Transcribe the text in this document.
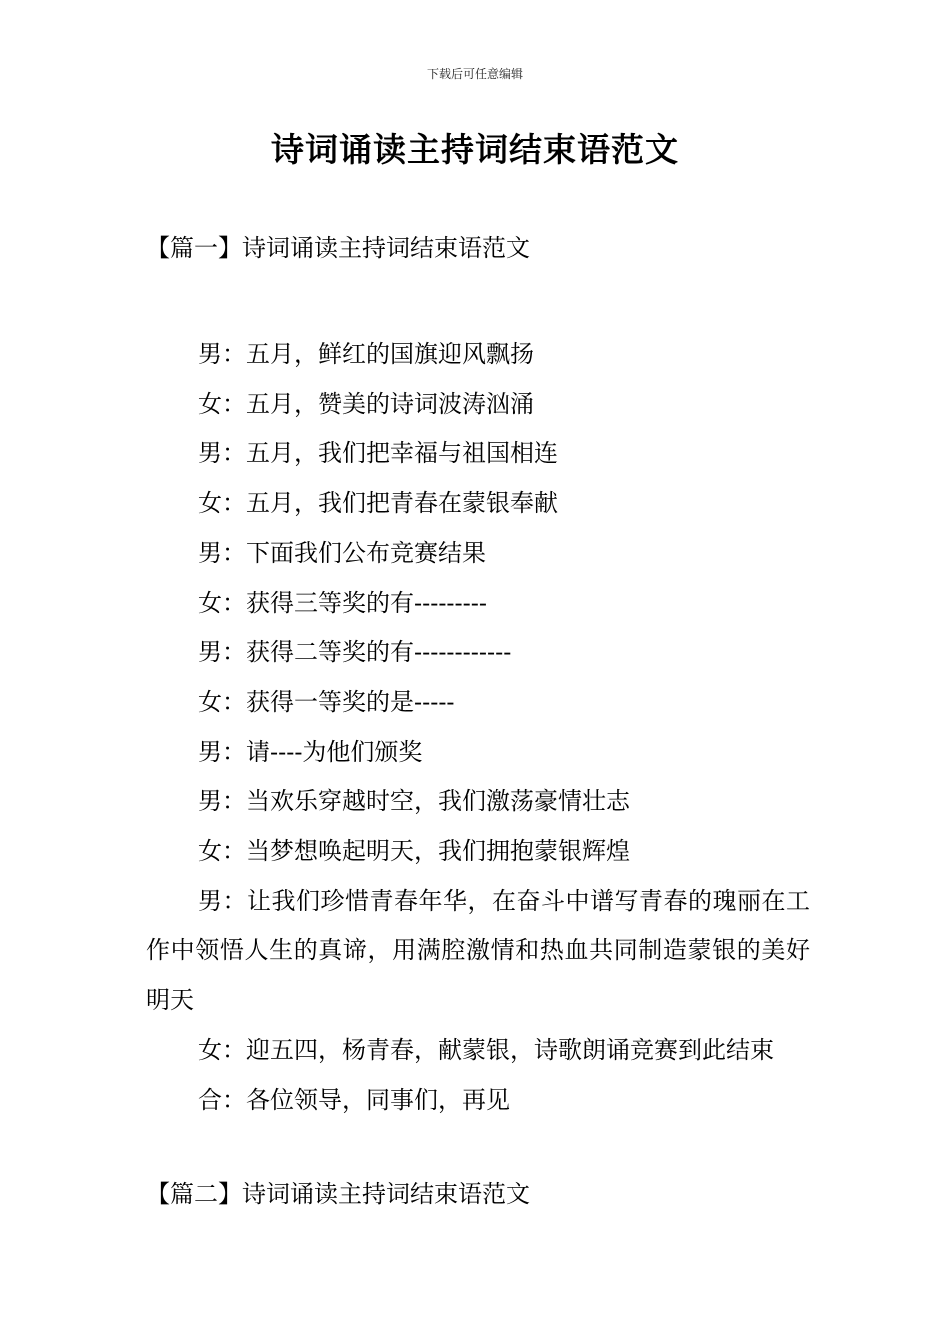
下载后可任意编辑
诗词诵读主持词结束语范文
【篇一】诗词诵读主持词结束语范文

男：五月，鲜红的国旗迎风飘扬

女：五月，赞美的诗词波涛汹涌

男：五月，我们把幸福与祖国相连

女：五月，我们把青春在蒙银奉献

男：下面我们公布竞赛结果

女：获得三等奖的有---------

男：获得二等奖的有------------

女：获得一等奖的是-----

男：请----为他们颁奖

男：当欢乐穿越时空，我们激荡豪情壮志

女：当梦想唤起明天，我们拥抱蒙银辉煌

男：让我们珍惜青春年华，在奋斗中谱写青春的瑰丽在工作中领悟人生的真谛，用满腔激情和热血共同制造蒙银的美好明天

女：迎五四，杨青春，献蒙银，诗歌朗诵竞赛到此结束

合：各位领导，同事们，再见

【篇二】诗词诵读主持词结束语范文
